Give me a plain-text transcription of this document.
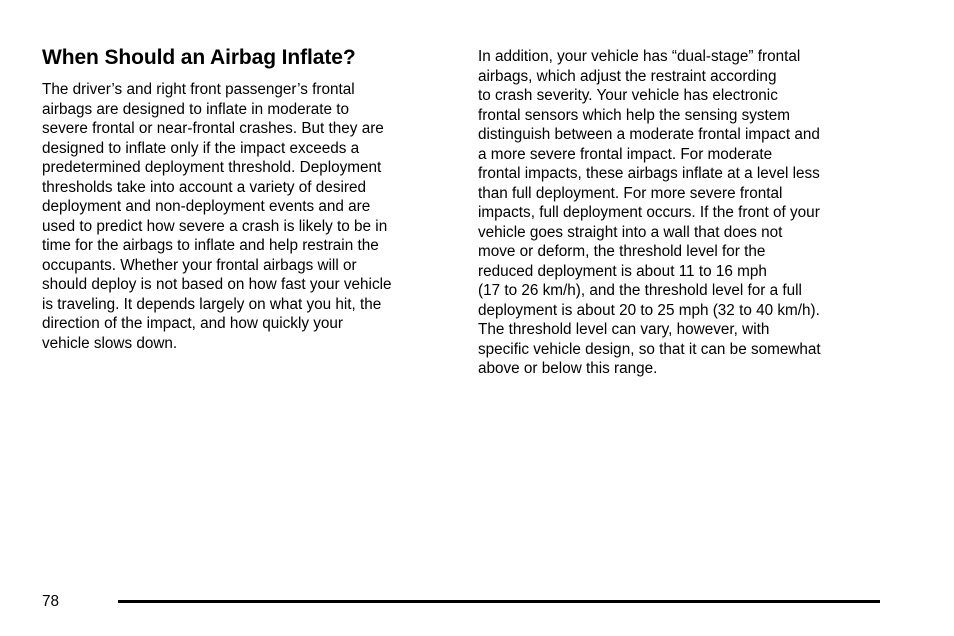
When Should an Airbag Inflate?
The driver’s and right front passenger’s frontal
airbags are designed to inflate in moderate to
severe frontal or near-frontal crashes. But they are
designed to inflate only if the impact exceeds a
predetermined deployment threshold. Deployment
thresholds take into account a variety of desired
deployment and non-deployment events and are
used to predict how severe a crash is likely to be in
time for the airbags to inflate and help restrain the
occupants. Whether your frontal airbags will or
should deploy is not based on how fast your vehicle
is traveling. It depends largely on what you hit, the
direction of the impact, and how quickly your
vehicle slows down.
In addition, your vehicle has “dual-stage” frontal
airbags, which adjust the restraint according
to crash severity. Your vehicle has electronic
frontal sensors which help the sensing system
distinguish between a moderate frontal impact and
a more severe frontal impact. For moderate
frontal impacts, these airbags inflate at a level less
than full deployment. For more severe frontal
impacts, full deployment occurs. If the front of your
vehicle goes straight into a wall that does not
move or deform, the threshold level for the
reduced deployment is about 11 to 16 mph
(17 to 26 km/h), and the threshold level for a full
deployment is about 20 to 25 mph (32 to 40 km/h).
The threshold level can vary, however, with
specific vehicle design, so that it can be somewhat
above or below this range.
78
